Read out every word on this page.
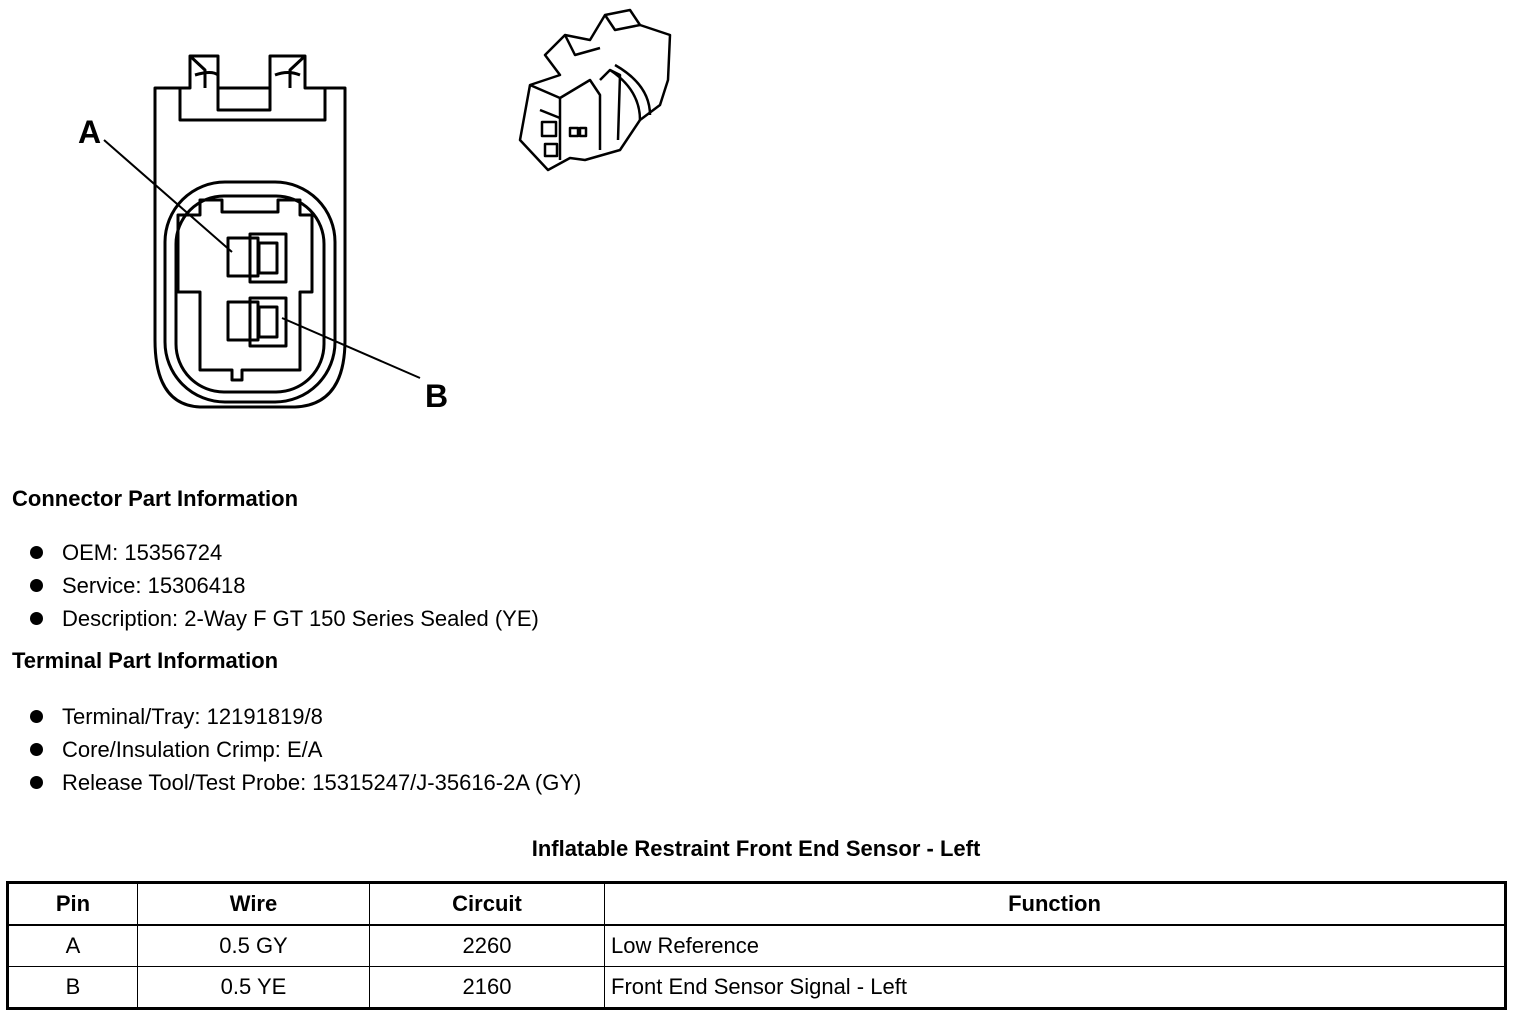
A
B
Connector Part Information
OEM: 15356724
Service: 15306418
Description: 2-Way F GT 150 Series Sealed (YE)
Terminal Part Information
Terminal/Tray: 12191819/8
Core/Insulation Crimp: E/A
Release Tool/Test Probe: 15315247/J-35616-2A (GY)
Inflatable Restraint Front End Sensor - Left
Pin	Wire	Circuit	Function
A	0.5 GY	2260	Low Reference
B	0.5 YE	2160	Front End Sensor Signal - Left
